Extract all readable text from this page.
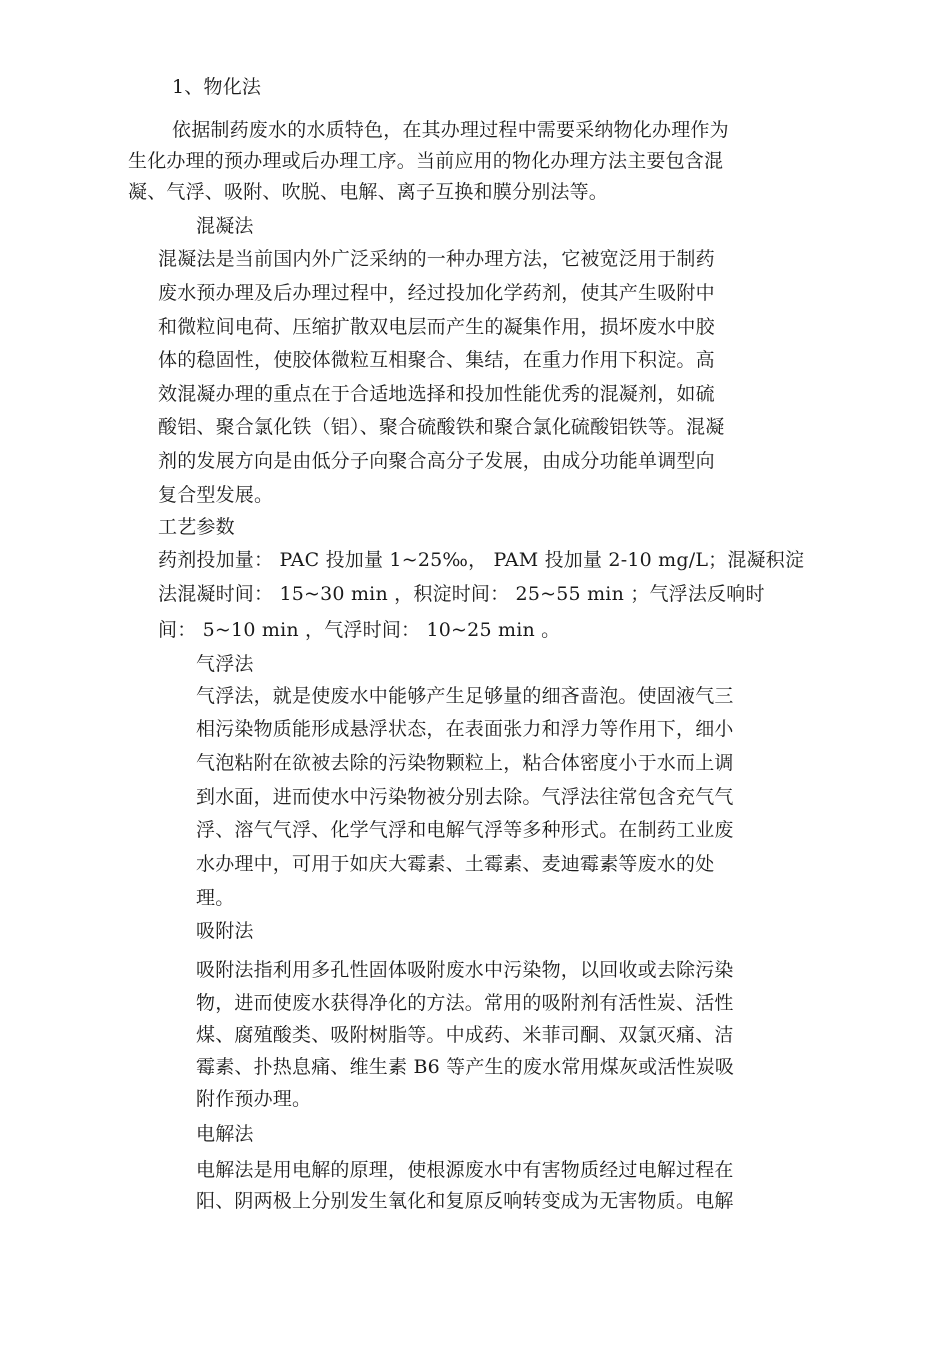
1、物化法
依据制药废水的水质特色，在其办理过程中需要采纳物化办理作为
生化办理的预办理或后办理工序。当前应用的物化办理方法主要包含混
凝、气浮、吸附、吹脱、电解、离子互换和膜分别法等。
混凝法
混凝法是当前国内外广泛采纳的一种办理方法，它被宽泛用于制药
废水预办理及后办理过程中，经过投加化学药剂，使其产生吸附中
和微粒间电荷、压缩扩散双电层而产生的凝集作用，损坏废水中胶
体的稳固性，使胶体微粒互相聚合、集结，在重力作用下积淀。高
效混凝办理的重点在于合适地选择和投加性能优秀的混凝剂，如硫
酸铝、聚合氯化铁（铝）、聚合硫酸铁和聚合氯化硫酸铝铁等。混凝
剂的发展方向是由低分子向聚合高分子发展，由成分功能单调型向
复合型发展。
工艺参数
药剂投加量： PAC 投加量 1~25‰， PAM 投加量 2-10 mg/L；混凝积淀
法混凝时间： 15~30 min ，积淀时间： 25~55 min ；气浮法反响时
间： 5~10 min ，气浮时间： 10~25 min 。
气浮法
气浮法，就是使废水中能够产生足够量的细吝啬泡。使固液气三
相污染物质能形成悬浮状态，在表面张力和浮力等作用下，细小
气泡粘附在欲被去除的污染物颗粒上，粘合体密度小于水而上调
到水面，进而使水中污染物被分别去除。气浮法往常包含充气气
浮、溶气气浮、化学气浮和电解气浮等多种形式。在制药工业废
水办理中，可用于如庆大霉素、土霉素、麦迪霉素等废水的处
理。
吸附法
吸附法指利用多孔性固体吸附废水中污染物，以回收或去除污染
物，进而使废水获得净化的方法。常用的吸附剂有活性炭、活性
煤、腐殖酸类、吸附树脂等。中成药、米菲司酮、双氯灭痛、洁
霉素、扑热息痛、维生素 B6 等产生的废水常用煤灰或活性炭吸
附作预办理。
电解法
电解法是用电解的原理，使根源废水中有害物质经过电解过程在
阳、阴两极上分别发生氧化和复原反响转变成为无害物质。电解
